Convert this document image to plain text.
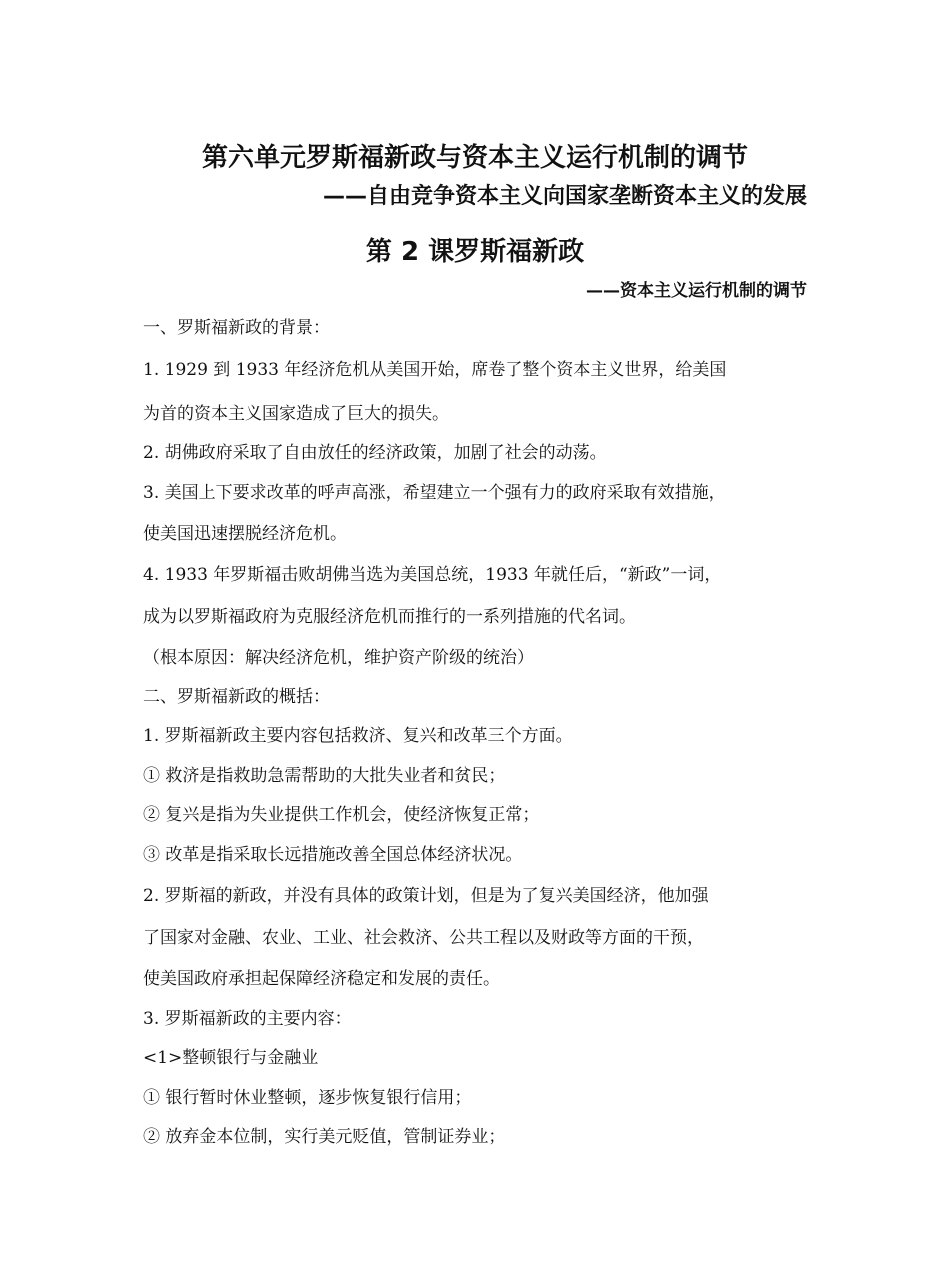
第六单元罗斯福新政与资本主义运行机制的调节
——自由竞争资本主义向国家垄断资本主义的发展
第 2 课罗斯福新政
——资本主义运行机制的调节

一、罗斯福新政的背景：

1. 1929 到 1933 年经济危机从美国开始，席卷了整个资本主义世界，给美国

为首的资本主义国家造成了巨大的损失。

2. 胡佛政府采取了自由放任的经济政策，加剧了社会的动荡。

3. 美国上下要求改革的呼声高涨，希望建立一个强有力的政府采取有效措施，

使美国迅速摆脱经济危机。

4. 1933 年罗斯福击败胡佛当选为美国总统，1933 年就任后，“新政”一词，

成为以罗斯福政府为克服经济危机而推行的一系列措施的代名词。

（根本原因：解决经济危机，维护资产阶级的统治）

二、罗斯福新政的概括：

1. 罗斯福新政主要内容包括救济、复兴和改革三个方面。

① 救济是指救助急需帮助的大批失业者和贫民；

② 复兴是指为失业提供工作机会，使经济恢复正常；

③ 改革是指采取长远措施改善全国总体经济状况。

2. 罗斯福的新政，并没有具体的政策计划，但是为了复兴美国经济，他加强

了国家对金融、农业、工业、社会救济、公共工程以及财政等方面的干预，

使美国政府承担起保障经济稳定和发展的责任。

3. 罗斯福新政的主要内容：

<1>整顿银行与金融业

① 银行暂时休业整顿，逐步恢复银行信用；

② 放弃金本位制，实行美元贬值，管制证券业；
